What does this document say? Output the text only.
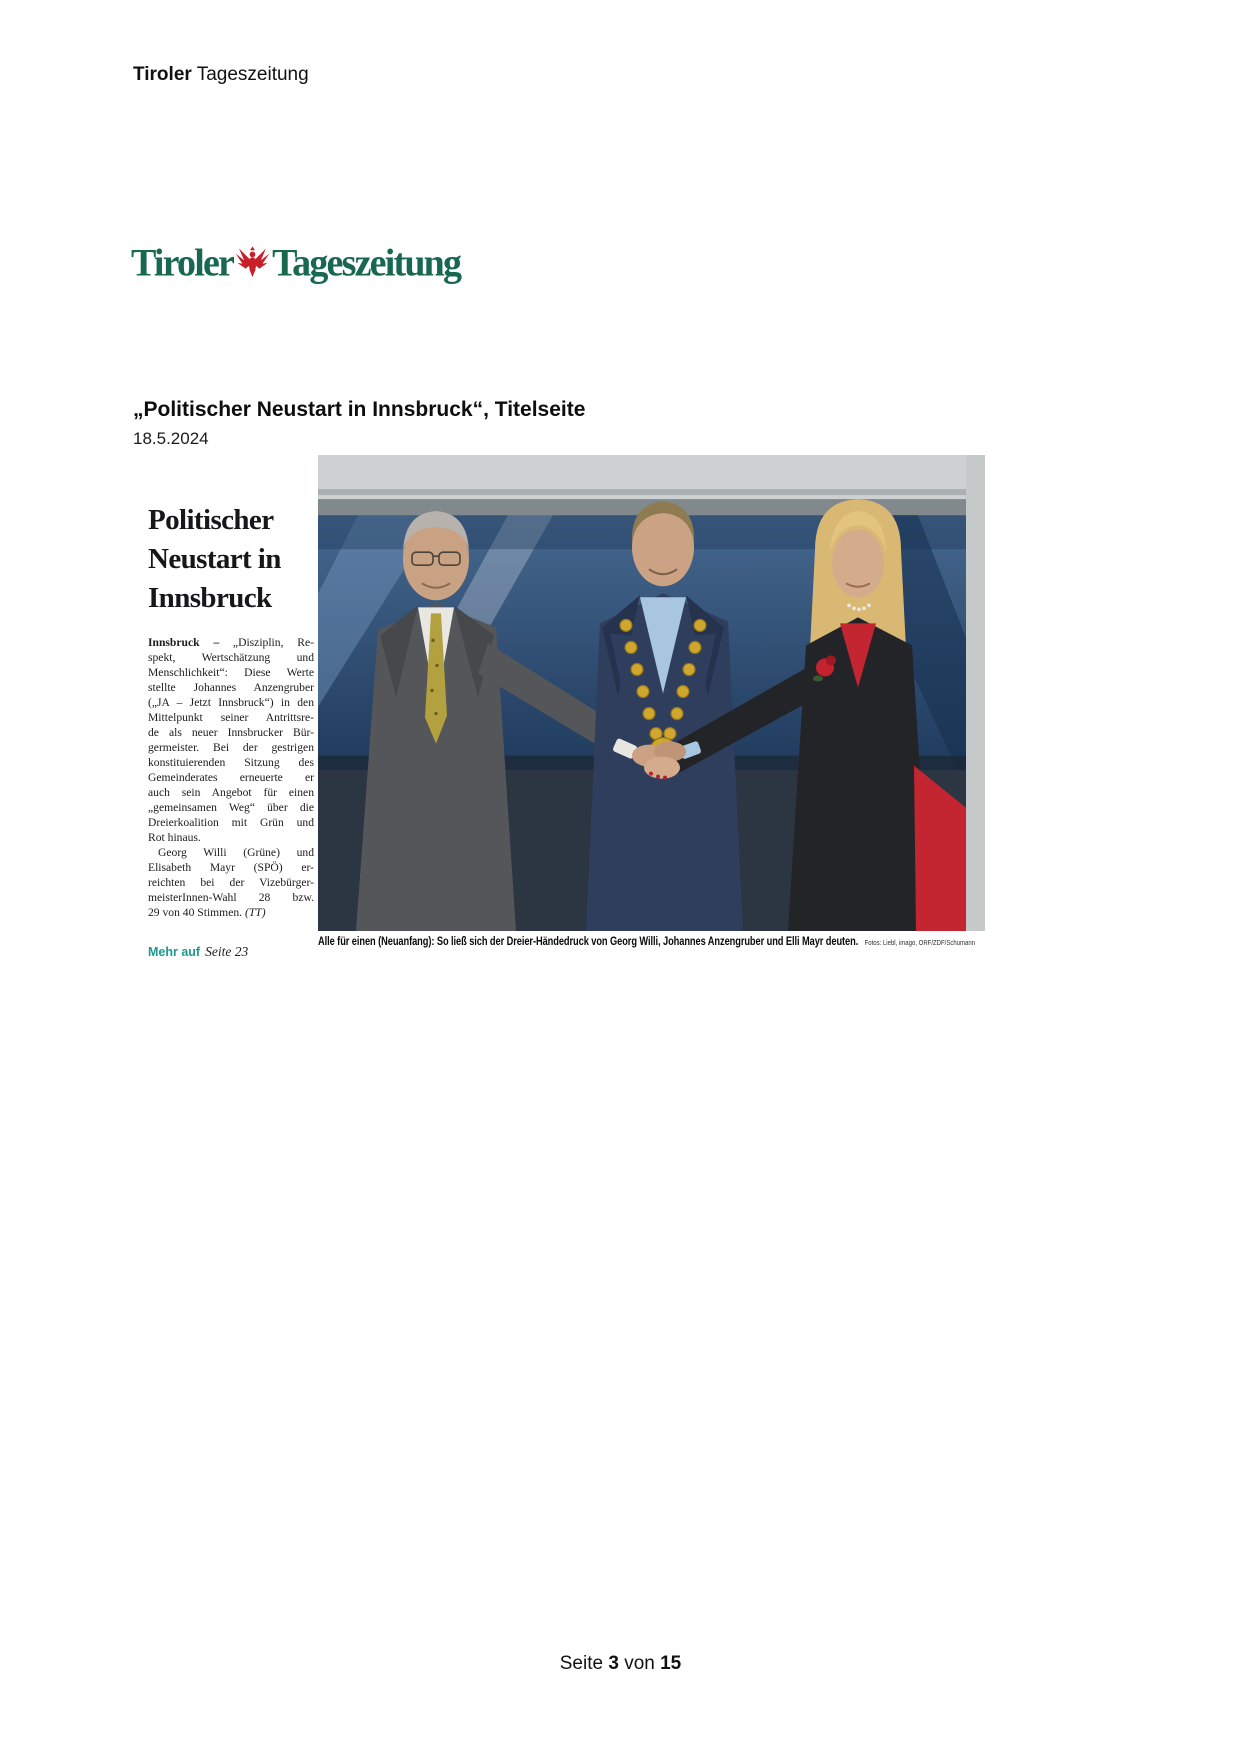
Tiroler Tageszeitung
Tiroler Tageszeitung
„Politischer Neustart in Innsbruck“, Titelseite
18.5.2024
Politischer
Neustart in
Innsbruck
Innsbruck – „Disziplin, Re-
spekt, Wertschätzung und
Menschlichkeit“: Diese Werte
stellte Johannes Anzengruber
(„JA – Jetzt Innsbruck“) in den
Mittelpunkt seiner Antrittsre-
de als neuer Innsbrucker Bür-
germeister. Bei der gestrigen
konstituierenden Sitzung des
Gemeinderates erneuerte er
auch sein Angebot für einen
„gemeinsamen Weg“ über die
Dreierkoalition mit Grün und
Rot hinaus.
Georg Willi (Grüne) und
Elisabeth Mayr (SPÖ) er-
reichten bei der Vizebürger-
meisterInnen-Wahl 28 bzw.
29 von 40 Stimmen. (TT)
Mehr auf Seite 23
Alle für einen (Neuanfang): So ließ sich der Dreier-Händedruck von Georg Willi, Johannes Anzengruber und Elli Mayr deuten. Fotos: Liebl, imago, ORF/ZDF/Schumann
Seite 3 von 15
